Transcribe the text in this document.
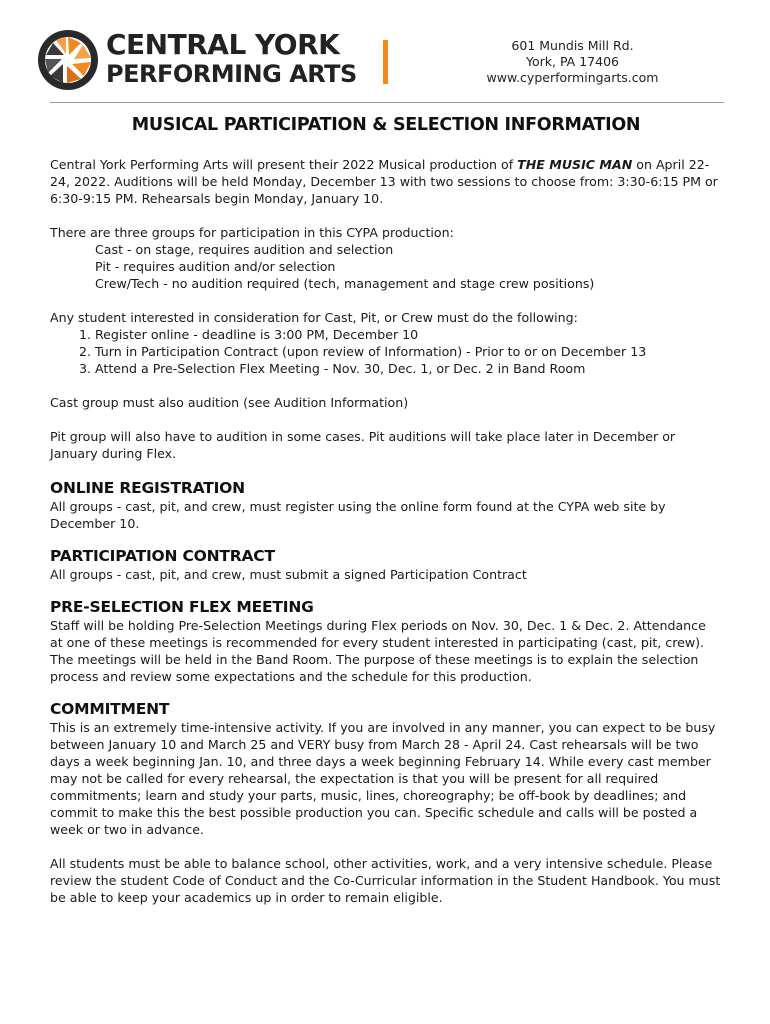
CENTRAL YORK
PERFORMING ARTS
601 Mundis Mill Rd.
York, PA 17406
www.cyperformingarts.com
MUSICAL PARTICIPATION & SELECTION INFORMATION

Central York Performing Arts will present their 2022 Musical production of THE MUSIC MAN on April 22-24, 2022. Auditions will be held Monday, December 13 with two sessions to choose from: 3:30-6:15 PM or 6:30-9:15 PM. Rehearsals begin Monday, January 10.

There are three groups for participation in this CYPA production:

Cast - on stage, requires audition and selection

Pit - requires audition and/or selection

Crew/Tech - no audition required (tech, management and stage crew positions)

Any student interested in consideration for Cast, Pit, or Crew must do the following:

1. Register online - deadline is 3:00 PM, December 10
2. Turn in Participation Contract (upon review of Information) - Prior to or on December 13
3. Attend a Pre-Selection Flex Meeting - Nov. 30, Dec. 1, or Dec. 2 in Band Room

Cast group must also audition (see Audition Information)

Pit group will also have to audition in some cases. Pit auditions will take place later in December or January during Flex.

ONLINE REGISTRATION

All groups - cast, pit, and crew, must register using the online form found at the CYPA web site by December 10.

PARTICIPATION CONTRACT

All groups - cast, pit, and crew, must submit a signed Participation Contract

PRE-SELECTION FLEX MEETING

Staff will be holding Pre-Selection Meetings during Flex periods on Nov. 30, Dec. 1 & Dec. 2. Attendance at one of these meetings is recommended for every student interested in participating (cast, pit, crew). The meetings will be held in the Band Room. The purpose of these meetings is to explain the selection process and review some expectations and the schedule for this production.

COMMITMENT

This is an extremely time-intensive activity. If you are involved in any manner, you can expect to be busy between January 10 and March 25 and VERY busy from March 28 - April 24. Cast rehearsals will be two days a week beginning Jan. 10, and three days a week beginning February 14. While every cast member may not be called for every rehearsal, the expectation is that you will be present for all required commitments; learn and study your parts, music, lines, choreography; be off-book by deadlines; and commit to make this the best possible production you can. Specific schedule and calls will be posted a week or two in advance.

All students must be able to balance school, other activities, work, and a very intensive schedule. Please review the student Code of Conduct and the Co-Curricular information in the Student Handbook. You must be able to keep your academics up in order to remain eligible.
